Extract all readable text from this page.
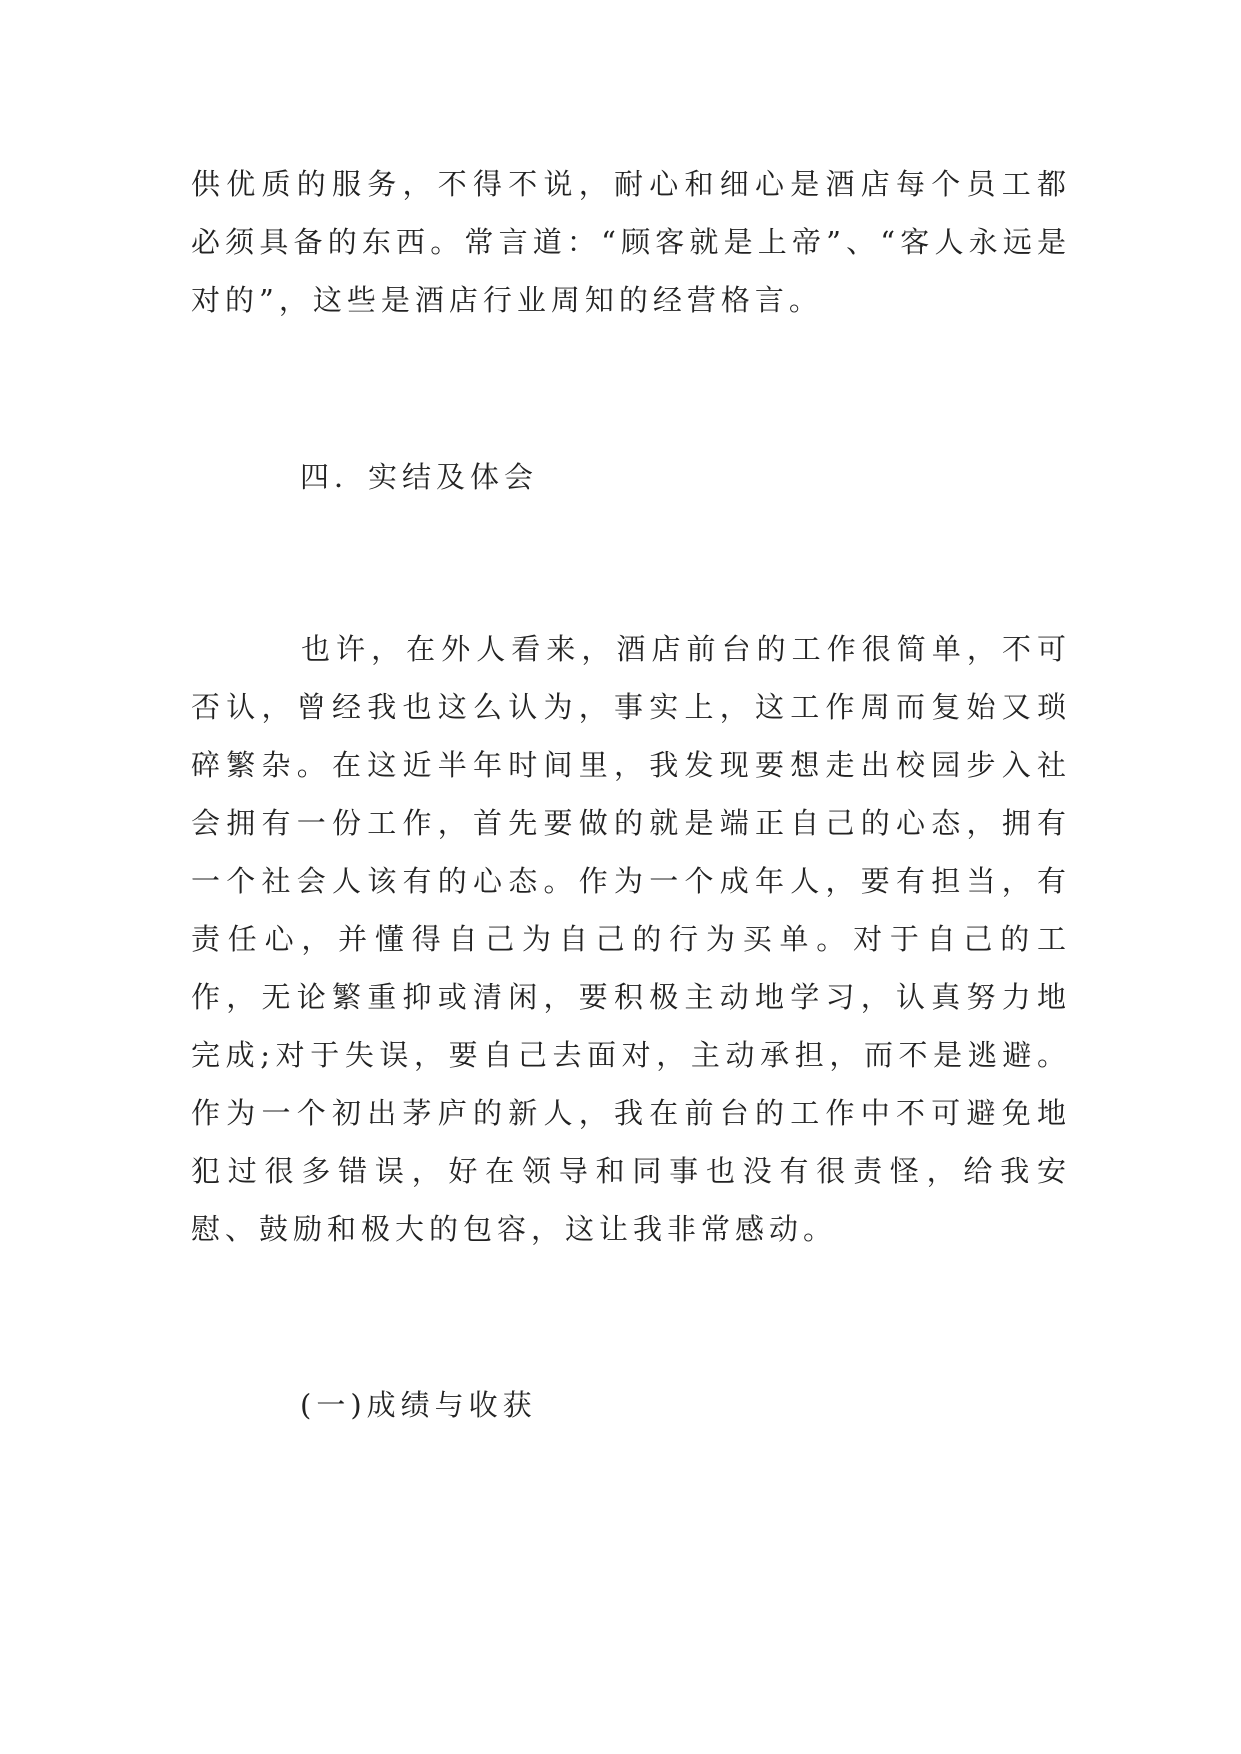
供优质的服务，不得不说，耐心和细心是酒店每个员工都必须具备的东西。常言道：“顾客就是上帝”、“客人永远是对的”，这些是酒店行业周知的经营格言。

四．实结及体会

也许，在外人看来，酒店前台的工作很简单，不可否认，曾经我也这么认为，事实上，这工作周而复始又琐碎繁杂。在这近半年时间里，我发现要想走出校园步入社会拥有一份工作，首先要做的就是端正自己的心态，拥有一个社会人该有的心态。作为一个成年人，要有担当，有责任心，并懂得自己为自己的行为买单。对于自己的工作，无论繁重抑或清闲，要积极主动地学习，认真努力地完成;对于失误，要自己去面对，主动承担，而不是逃避。作为一个初出茅庐的新人，我在前台的工作中不可避免地犯过很多错误，好在领导和同事也没有很责怪，给我安慰、鼓励和极大的包容，这让我非常感动。

(一)成绩与收获
